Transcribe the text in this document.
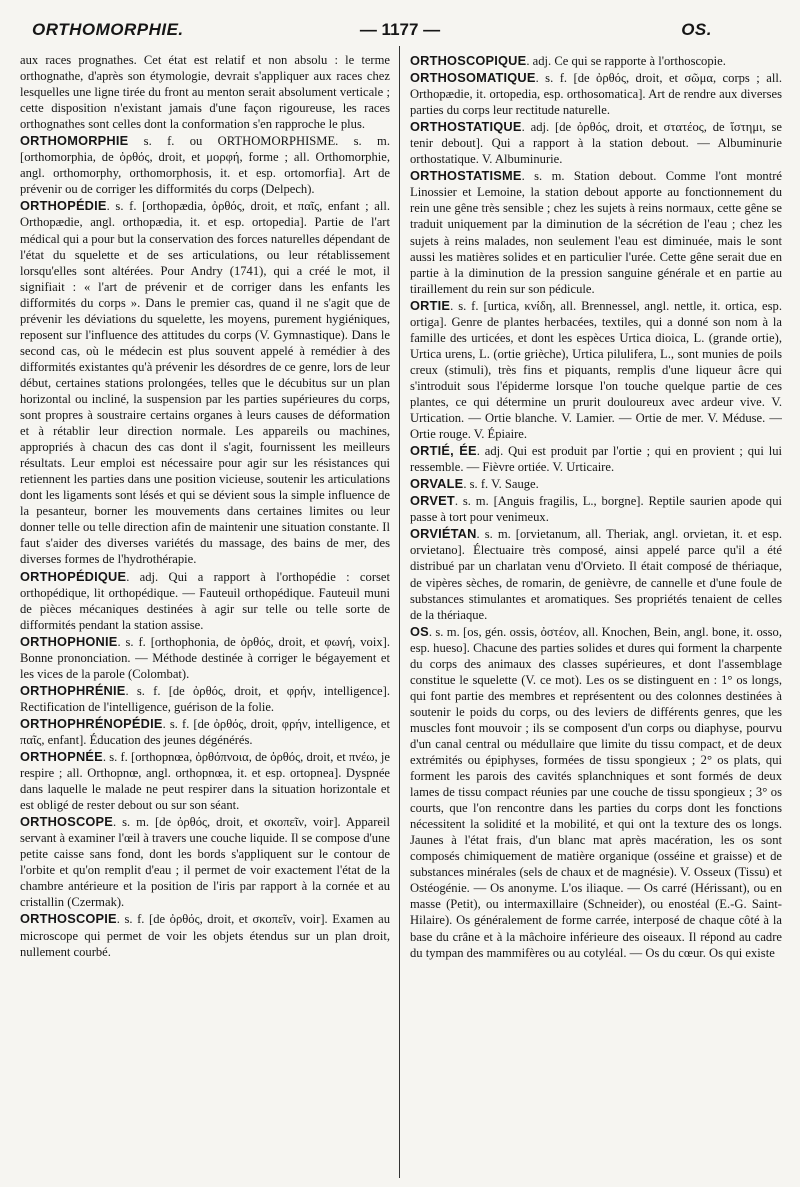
ORTHOMORPHIE.	— 1177 —	OS.

aux races prognathes. Cet état est relatif et non absolu : le terme orthognathe, d'après son étymologie, devrait s'appliquer aux races chez lesquelles une ligne tirée du front au menton serait absolument verticale ; cette disposition n'existant jamais d'une façon rigoureuse, les races orthognathes sont celles dont la conformation s'en rapproche le plus.

ORTHOMORPHIE s. f. ou ORTHOMORPHISME. s. m. [orthomorphia, de ὀρθός, droit, et μορφή, forme ; all. Orthomorphie, angl. orthomorphy, orthomorphosis, it. et esp. ortomorfia]. Art de prévenir ou de corriger les difformités du corps (Delpech).

ORTHOPÉDIE. s. f. [orthopædia, ὀρθός, droit, et παῖς, enfant ; all. Orthopædie, angl. orthopædia, it. et esp. ortopedia]. Partie de l'art médical qui a pour but la conservation des forces naturelles dépendant de l'état du squelette et de ses articulations, ou leur rétablissement lorsqu'elles sont altérées. Pour Andry (1741), qui a créé le mot, il signifiait : « l'art de prévenir et de corriger dans les enfants les difformités du corps ». Dans le premier cas, quand il ne s'agit que de prévenir les déviations du squelette, les moyens, purement hygiéniques, reposent sur l'influence des attitudes du corps (V. Gymnastique). Dans le second cas, où le médecin est plus souvent appelé à remédier à des difformités existantes qu'à prévenir les désordres de ce genre, lors de leur début, certaines stations prolongées, telles que le décubitus sur un plan horizontal ou incliné, la suspension par les parties supérieures du corps, sont propres à soustraire certains organes à leurs causes de déformation et à rétablir leur direction normale. Les appareils ou machines, appropriés à chacun des cas dont il s'agit, fournissent les meilleurs résultats. Leur emploi est nécessaire pour agir sur les résistances qui retiennent les parties dans une position vicieuse, soutenir les articulations dont les ligaments sont lésés et qui se dévient sous la simple influence de la pesanteur, borner les mouvements dans certaines limites ou leur donner telle ou telle direction afin de maintenir une situation constante. Il faut s'aider des diverses variétés du massage, des bains de mer, des diverses formes de l'hydrothérapie.

ORTHOPÉDIQUE. adj. Qui a rapport à l'orthopédie : corset orthopédique, lit orthopédique. — Fauteuil orthopédique. Fauteuil muni de pièces mécaniques destinées à agir sur telle ou telle sorte de difformités pendant la station assise.

ORTHOPHONIE. s. f. [orthophonia, de ὀρθός, droit, et φωνή, voix]. Bonne prononciation. — Méthode destinée à corriger le bégayement et les vices de la parole (Colombat).

ORTHOPHRÉNIE. s. f. [de ὀρθός, droit, et φρήν, intelligence]. Rectification de l'intelligence, guérison de la folie.

ORTHOPHRÉNOPÉDIE. s. f. [de ὀρθός, droit, φρήν, intelligence, et παῖς, enfant]. Éducation des jeunes dégénérés.

ORTHOPNÉE. s. f. [orthopnœa, ὀρθόπνοια, de ὀρθός, droit, et πνέω, je respire ; all. Orthopnœ, angl. orthopnœa, it. et esp. ortopnea]. Dyspnée dans laquelle le malade ne peut respirer dans la situation horizontale et est obligé de rester debout ou sur son séant.

ORTHOSCOPE. s. m. [de ὀρθός, droit, et σκοπεῖν, voir]. Appareil servant à examiner l'œil à travers une couche liquide. Il se compose d'une petite caisse sans fond, dont les bords s'appliquent sur le contour de l'orbite et qu'on remplit d'eau ; il permet de voir exactement l'état de la chambre antérieure et la position de l'iris par rapport à la cornée et au cristallin (Czermak).

ORTHOSCOPIE. s. f. [de ὀρθός, droit, et σκοπεῖν, voir]. Examen au microscope qui permet de voir les objets étendus sur un plan droit, nullement courbé.

ORTHOSCOPIQUE. adj. Ce qui se rapporte à l'orthoscopie.

ORTHOSOMATIQUE. s. f. [de ὀρθός, droit, et σῶμα, corps ; all. Orthopædie, it. ortopedia, esp. orthosomatica]. Art de rendre aux diverses parties du corps leur rectitude naturelle.

ORTHOSTATIQUE. adj. [de ὀρθός, droit, et στατέος, de ἵστημι, se tenir debout]. Qui a rapport à la station debout. — Albuminurie orthostatique. V. Albuminurie.

ORTHOSTATISME. s. m. Station debout. Comme l'ont montré Linossier et Lemoine, la station debout apporte au fonctionnement du rein une gêne très sensible ; chez les sujets à reins normaux, cette gêne se traduit uniquement par la diminution de la sécrétion de l'eau ; chez les sujets à reins malades, non seulement l'eau est diminuée, mais le sont aussi les matières solides et en particulier l'urée. Cette gêne serait due en partie à la diminution de la pression sanguine générale et en partie au tiraillement du rein sur son pédicule.

ORTIE. s. f. [urtica, κνίδη, all. Brennessel, angl. nettle, it. ortica, esp. ortiga]. Genre de plantes herbacées, textiles, qui a donné son nom à la famille des urticées, et dont les espèces Urtica dioica, L. (grande ortie), Urtica urens, L. (ortie grièche), Urtica pilulifera, L., sont munies de poils creux (stimuli), très fins et piquants, remplis d'une liqueur âcre qui s'introduit sous l'épiderme lorsque l'on touche quelque partie de ces plantes, ce qui détermine un prurit douloureux avec ardeur vive. V. Urtication. — Ortie blanche. V. Lamier. — Ortie de mer. V. Méduse. — Ortie rouge. V. Épiaire.

ORTIÉ, ÉE. adj. Qui est produit par l'ortie ; qui en provient ; qui lui ressemble. — Fièvre ortiée. V. Urticaire.

ORVALE. s. f. V. Sauge.

ORVET. s. m. [Anguis fragilis, L., borgne]. Reptile saurien apode qui passe à tort pour venimeux.

ORVIÉTAN. s. m. [orvietanum, all. Theriak, angl. orvietan, it. et esp. orvietano]. Électuaire très composé, ainsi appelé parce qu'il a été distribué par un charlatan venu d'Orvieto. Il était composé de thériaque, de vipères sèches, de romarin, de genièvre, de cannelle et d'une foule de substances stimulantes et aromatiques. Ses propriétés tenaient de celles de la thériaque.

OS. s. m. [os, gén. ossis, ὀστέον, all. Knochen, Bein, angl. bone, it. osso, esp. hueso]. Chacune des parties solides et dures qui forment la charpente du corps des animaux des classes supérieures, et dont l'assemblage constitue le squelette (V. ce mot). Les os se distinguent en : 1° os longs, qui font partie des membres et représentent ou des colonnes destinées à soutenir le poids du corps, ou des leviers de différents genres, que les muscles font mouvoir ; ils se composent d'un corps ou diaphyse, pourvu d'un canal central ou médullaire que limite du tissu compact, et de deux extrémités ou épiphyses, formées de tissu spongieux ; 2° os plats, qui forment les parois des cavités splanchniques et sont formés de deux lames de tissu compact réunies par une couche de tissu spongieux ; 3° os courts, que l'on rencontre dans les parties du corps dont les fonctions nécessitent la solidité et la mobilité, et qui ont la texture des os longs. Jaunes à l'état frais, d'un blanc mat après macération, les os sont composés chimiquement de matière organique (osséine et graisse) et de substances minérales (sels de chaux et de magnésie). V. Osseux (Tissu) et Ostéogénie. — Os anonyme. L'os iliaque. — Os carré (Hérissant), ou en masse (Petit), ou intermaxillaire (Schneider), ou enostéal (E.-G. Saint-Hilaire). Os généralement de forme carrée, interposé de chaque côté à la base du crâne et à la mâchoire inférieure des oiseaux. Il répond au cadre du tympan des mammifères ou au cotyléal. — Os du cœur. Os qui existe
